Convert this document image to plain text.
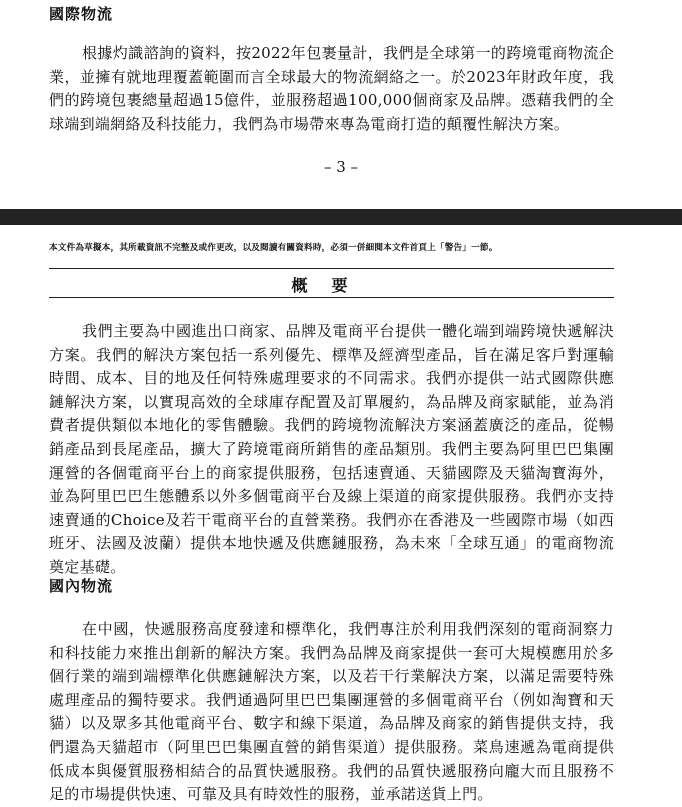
國際物流

根據灼識諮詢的資料，按2022年包裹量計，我們是全球第一的跨境電商物流企業，並擁有就地理覆蓋範圍而言全球最大的物流網絡之一。於2023年財政年度，我們的跨境包裹總量超過15億件，並服務超過100,000個商家及品牌。憑藉我們的全球端到端網絡及科技能力，我們為市場帶來專為電商打造的顛覆性解決方案。

– 3 –
本文件為草擬本，其所載資訊不完整及或作更改，以及閱讀有關資料時，必須一併細閱本文件首頁上「警告」一節。
概要

我們主要為中國進出口商家、品牌及電商平台提供一體化端到端跨境快遞解決方案。我們的解決方案包括一系列優先、標準及經濟型產品，旨在滿足客戶對運輸時間、成本、目的地及任何特殊處理要求的不同需求。我們亦提供一站式國際供應鏈解決方案，以實現高效的全球庫存配置及訂單履約，為品牌及商家賦能，並為消費者提供類似本地化的零售體驗。我們的跨境物流解決方案涵蓋廣泛的產品，從暢銷產品到長尾產品，擴大了跨境電商所銷售的產品類別。我們主要為阿里巴巴集團運營的各個電商平台上的商家提供服務，包括速賣通、天貓國際及天貓淘寶海外，並為阿里巴巴生態體系以外多個電商平台及線上渠道的商家提供服務。我們亦支持速賣通的Choice及若干電商平台的直營業務。我們亦在香港及一些國際市場（如西班牙、法國及波蘭）提供本地快遞及供應鏈服務，為未來「全球互通」的電商物流奠定基礎。

國內物流

在中國，快遞服務高度發達和標準化，我們專注於利用我們深刻的電商洞察力和科技能力來推出創新的解決方案。我們為品牌及商家提供一套可大規模應用於多個行業的端到端標準化供應鏈解決方案，以及若干行業解決方案，以滿足需要特殊處理產品的獨特要求。我們通過阿里巴巴集團運營的多個電商平台（例如淘寶和天貓）以及眾多其他電商平台、數字和線下渠道，為品牌及商家的銷售提供支持，我們還為天貓超市（阿里巴巴集團直營的銷售渠道）提供服務。菜鳥速遞為電商提供低成本與優質服務相結合的品質快遞服務。我們的品質快遞服務向龐大而且服務不足的市場提供快速、可靠及具有時效性的服務，並承諾送貨上門。
